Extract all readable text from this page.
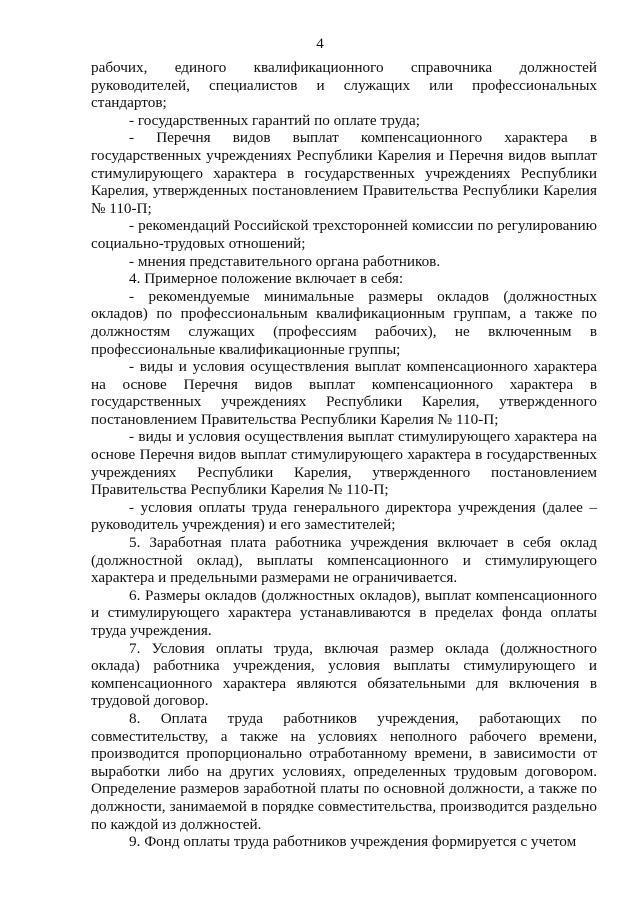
4

рабочих, единого квалификационного справочника должностей руководителей, специалистов и служащих или профессиональных стандартов;

- государственных гарантий по оплате труда;

- Перечня видов выплат компенсационного характера в государственных учреждениях Республики Карелия и Перечня видов выплат стимулирующего характера в государственных учреждениях Республики Карелия, утвержденных постановлением Правительства Республики Карелия № 110-П;

- рекомендаций Российской трехсторонней комиссии по регулированию социально-трудовых отношений;

- мнения представительного органа работников.

4. Примерное положение включает в себя:

- рекомендуемые минимальные размеры окладов (должностных окладов) по профессиональным квалификационным группам, а также по должностям служащих (профессиям рабочих), не включенным в профессиональные квалификационные группы;

- виды и условия осуществления выплат компенсационного характера на основе Перечня видов выплат компенсационного характера в государственных учреждениях Республики Карелия, утвержденного постановлением Правительства Республики Карелия № 110-П;

- виды и условия осуществления выплат стимулирующего характера на основе Перечня видов выплат стимулирующего характера в государственных учреждениях Республики Карелия, утвержденного постановлением Правительства Республики Карелия № 110-П;

- условия оплаты труда генерального директора учреждения (далее – руководитель учреждения) и его заместителей;

5. Заработная плата работника учреждения включает в себя оклад (должностной оклад), выплаты компенсационного и стимулирующего характера и предельными размерами не ограничивается.

6. Размеры окладов (должностных окладов), выплат компенсационного и стимулирующего характера устанавливаются в пределах фонда оплаты труда учреждения.

7. Условия оплаты труда, включая размер оклада (должностного оклада) работника учреждения, условия выплаты стимулирующего и компенсационного характера являются обязательными для включения в трудовой договор.

8. Оплата труда работников учреждения, работающих по совместительству, а также на условиях неполного рабочего времени, производится пропорционально отработанному времени, в зависимости от выработки либо на других условиях, определенных трудовым договором. Определение размеров заработной платы по основной должности, а также по должности, занимаемой в порядке совместительства, производится раздельно по каждой из должностей.

9. Фонд оплаты труда работников учреждения формируется с учетом
